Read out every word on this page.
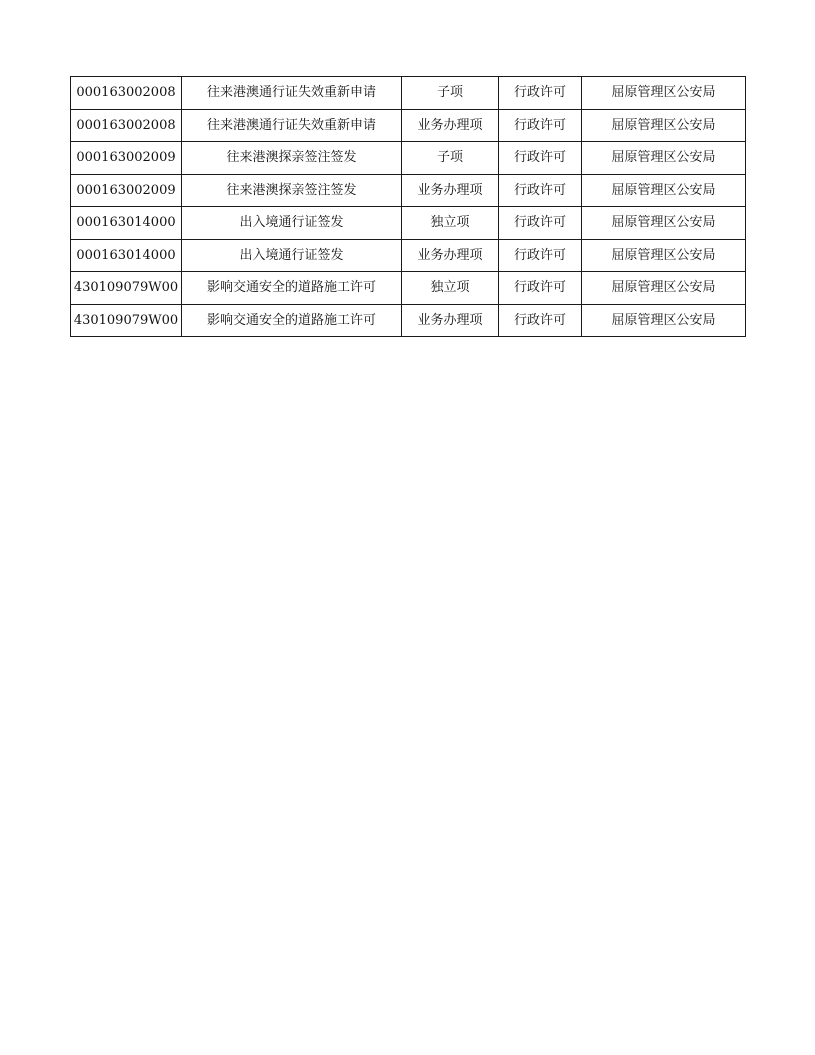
000163002008	往来港澳通行证失效重新申请	子项	行政许可	屈原管理区公安局
000163002008	往来港澳通行证失效重新申请	业务办理项	行政许可	屈原管理区公安局
000163002009	往来港澳探亲签注签发	子项	行政许可	屈原管理区公安局
000163002009	往来港澳探亲签注签发	业务办理项	行政许可	屈原管理区公安局
000163014000	出入境通行证签发	独立项	行政许可	屈原管理区公安局
000163014000	出入境通行证签发	业务办理项	行政许可	屈原管理区公安局
430109079W00	影响交通安全的道路施工许可	独立项	行政许可	屈原管理区公安局
430109079W00	影响交通安全的道路施工许可	业务办理项	行政许可	屈原管理区公安局
